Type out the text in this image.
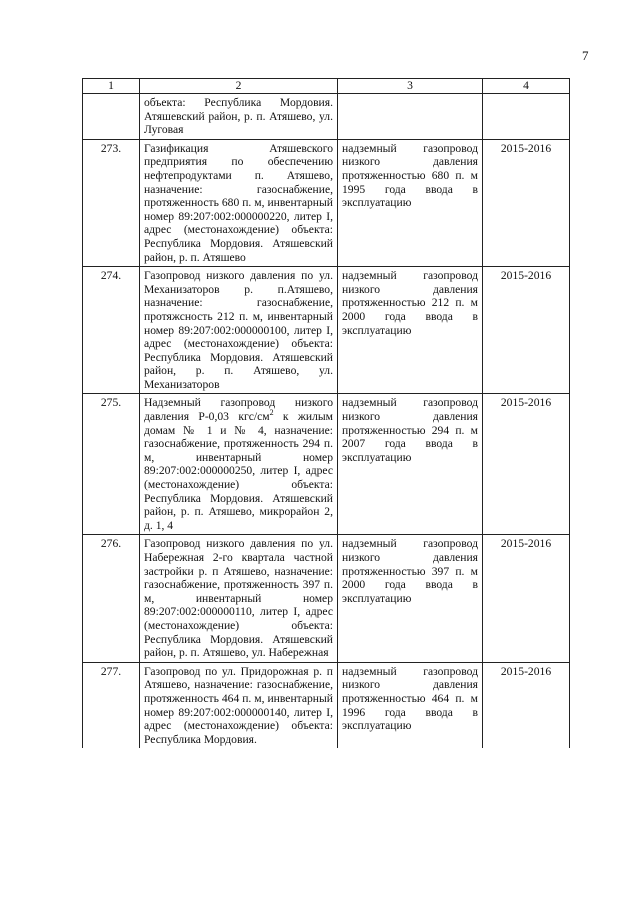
7
1	2	3	4
	объекта: Республика Мордовия. Атяшевский район, р. п. Атяшево, ул. Луговая		
273.	Газификация Атяшевского предприятия по обеспечению нефтепродуктами п. Атяшево, назначение: газоснабжение, протяженность 680 п. м, инвентарный номер 89:207:002:000000220, литер I, адрес (местонахождение) объекта: Республика Мордовия. Атяшевский район, р. п. Атяшево	надземный газопровод низкого давления протяженностью 680 п. м 1995 года ввода в эксплуатацию	2015-2016
274.	Газопровод низкого давления по ул. Механизаторов р. п.Атяшево, назначение: газоснабжение, протяжсность 212 п. м, инвентарный номер 89:207:002:000000100, литер I, адрес (местонахождение) объекта: Республика Мордовия. Атяшевский район, р. п. Атяшево, ул. Механизаторов	надземный газопровод низкого давления протяженностью 212 п. м 2000 года ввода в эксплуатацию	2015-2016
275.	Надземный газопровод низкого давления Р-0,03 кгс/$см^2$ к жилым домам № 1 и № 4, назначение: газоснабжение, протяженность 294 п. м, инвентарный номер 89:207:002:000000250, литер I, адрес (местонахождение) объекта: Республика Мордовия. Атяшевский район, р. п. Атяшево, микрорайон 2, д. 1, 4	надземный газопровод низкого давления протяженностью 294 п. м 2007 года ввода в эксплуатацию	2015-2016
276.	Газопровод низкого давления по ул. Набережная 2-го квартала частной застройки р. п Атяшево, назначение: газоснабжение, протяженность 397 п. м, инвентарный номер 89:207:002:000000110, литер I, адрес (местонахождение) объекта: Республика Мордовия. Атяшевский район, р. п. Атяшево, ул. Набережная	надземный газопровод низкого давления протяженностью 397 п. м 2000 года ввода в эксплуатацию	2015-2016
277.	Газопровод по ул. Придорожная р. п Атяшево, назначение: газоснабжение, протяженность 464 п. м, инвентарный номер 89:207:002:000000140, литер I, адрес (местонахождение) объекта: Республика Мордовия.	надземный газопровод низкого давления протяженностью 464 п. м 1996 года ввода в эксплуатацию	2015-2016
